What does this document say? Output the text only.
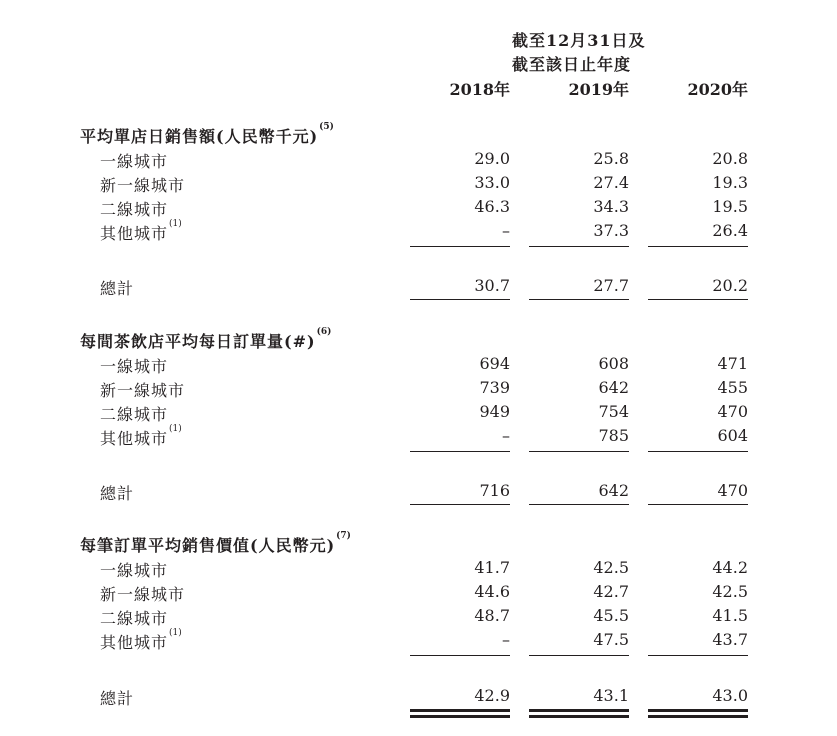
截至12月31日及
截至該日止年度
2018年	2019年	2020年
平均單店日銷售額(人民幣千元)$^{(5)}$
一線城市	29.0	25.8	20.8
新一線城市	33.0	27.4	19.3
二線城市	46.3	34.3	19.5
其他城市$^{(1)}$	–	37.3	26.4
總計	30.7	27.7	20.2
每間茶飲店平均每日訂單量(#)$^{(6)}$
一線城市	694	608	471
新一線城市	739	642	455
二線城市	949	754	470
其他城市$^{(1)}$	–	785	604
總計	716	642	470
每筆訂單平均銷售價值(人民幣元)$^{(7)}$
一線城市	41.7	42.5	44.2
新一線城市	44.6	42.7	42.5
二線城市	48.7	45.5	41.5
其他城市$^{(1)}$	–	47.5	43.7
總計	42.9	43.1	43.0
